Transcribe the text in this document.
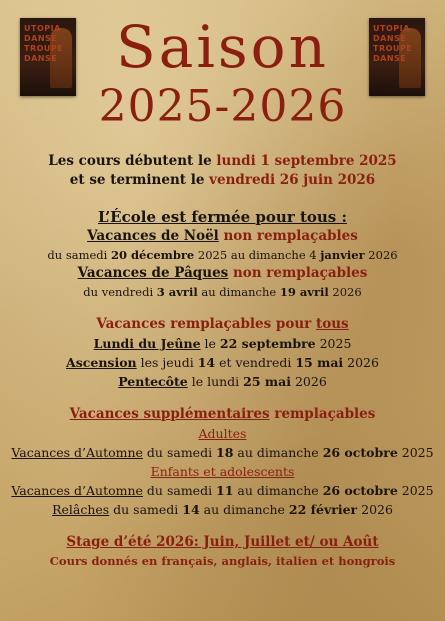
UTOPIA
DANSE
TROUPE
DANSE
UTOPIA
DANSE
TROUPE
DANSE
Saison
2025-2026
Les cours débutent le lundi 1 septembre 2025
et se terminent le vendredi 26 juin 2026
L’École est fermée pour tous :
Vacances de Noël non remplaçables
du samedi 20 décembre 2025 au dimanche 4 janvier 2026
Vacances de Pâques non remplaçables
du vendredi 3 avril au dimanche 19 avril 2026
Vacances remplaçables pour tous
Lundi du Jeûne le 22 septembre 2025
Ascension les jeudi 14 et vendredi 15 mai 2026
Pentecôte le lundi 25 mai 2026
Vacances supplémentaires remplaçables
Adultes
Vacances d’Automne du samedi 18 au dimanche 26 octobre 2025
Enfants et adolescents
Vacances d’Automne du samedi 11 au dimanche 26 octobre 2025
Relâches du samedi 14 au dimanche 22 février 2026
Stage d’été 2026: Juin, Juillet et/ ou Août
Cours donnés en français, anglais, italien et hongrois
